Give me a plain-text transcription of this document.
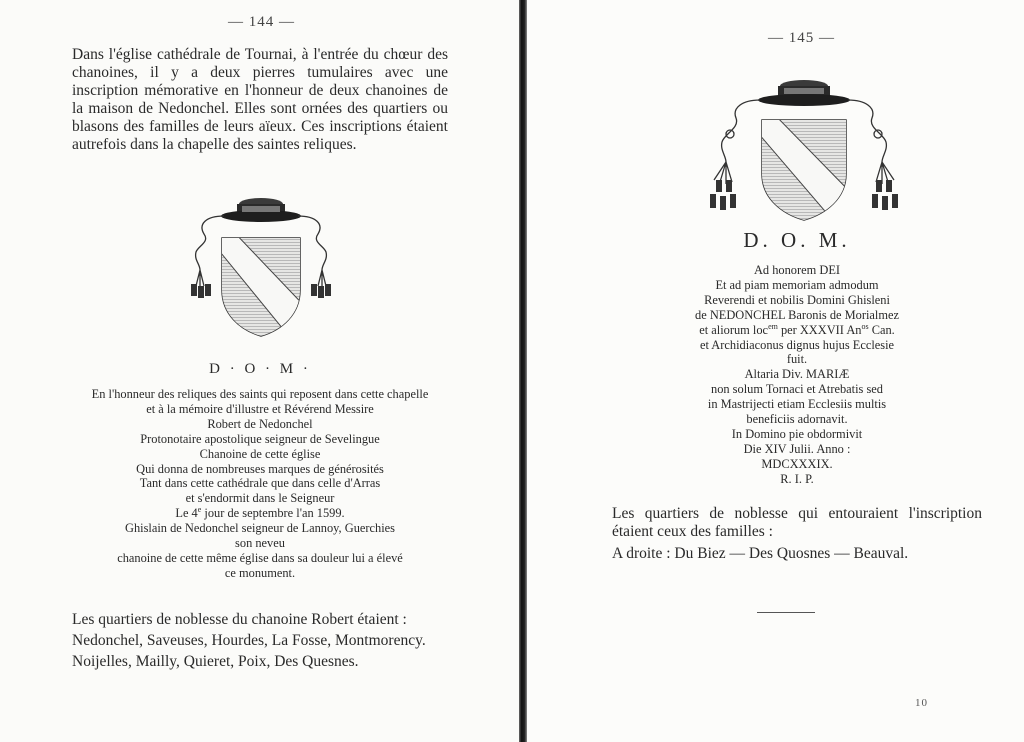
— 144 —

Dans l'église cathédrale de Tournai, à l'entrée du chœur des chanoines, il y a deux pierres tumulaires avec une inscription mémorative en l'honneur de deux chanoines de la maison de Nedonchel. Elles sont ornées des quartiers ou blasons des familles de leurs aïeux. Ces inscriptions étaient autrefois dans la chapelle des saintes reliques.

D · O · M ·
En l'honneur des reliques des saints qui reposent dans cette chapelle
et à la mémoire d'illustre et Révérend Messire
Robert de Nedonchel
Protonotaire apostolique seigneur de Sevelingue
Chanoine de cette église
Qui donna de nombreuses marques de générosités
Tant dans cette cathédrale que dans celle d'Arras
et s'endormit dans le Seigneur
Le 4e jour de septembre l'an 1599.
Ghislain de Nedonchel seigneur de Lannoy, Guerchies
son neveu
chanoine de cette même église dans sa douleur lui a élevé
ce monument.
Les quartiers de noblesse du chanoine Robert étaient :
Nedonchel, Saveuses, Hourdes, La Fosse, Montmorency.
Noijelles, Mailly, Quieret, Poix, Des Quesnes.
— 145 —
D. O. M.
Ad honorem DEI
Et ad piam memoriam admodum
Reverendi et nobilis Domini Ghisleni
de NEDONCHEL Baronis de Morialmez
et aliorum loc$^{em}$ per XXXVII $An^{os}$ Can.
et Archidiaconus dignus hujus Ecclesie
fuit.
Altaria Div. MARIÆ
non solum Tornaci et Atrebatis sed
in Mastrijecti etiam Ecclesiis multis
beneficiis adornavit.
In Domino pie obdormivit
Die XIV Julii. Anno :
MDCXXXIX.
R. I. P.

Les quartiers de noblesse qui entouraient l'inscription étaient ceux des familles :

A droite : Du Biez — Des Quosnes — Beauval.
10
